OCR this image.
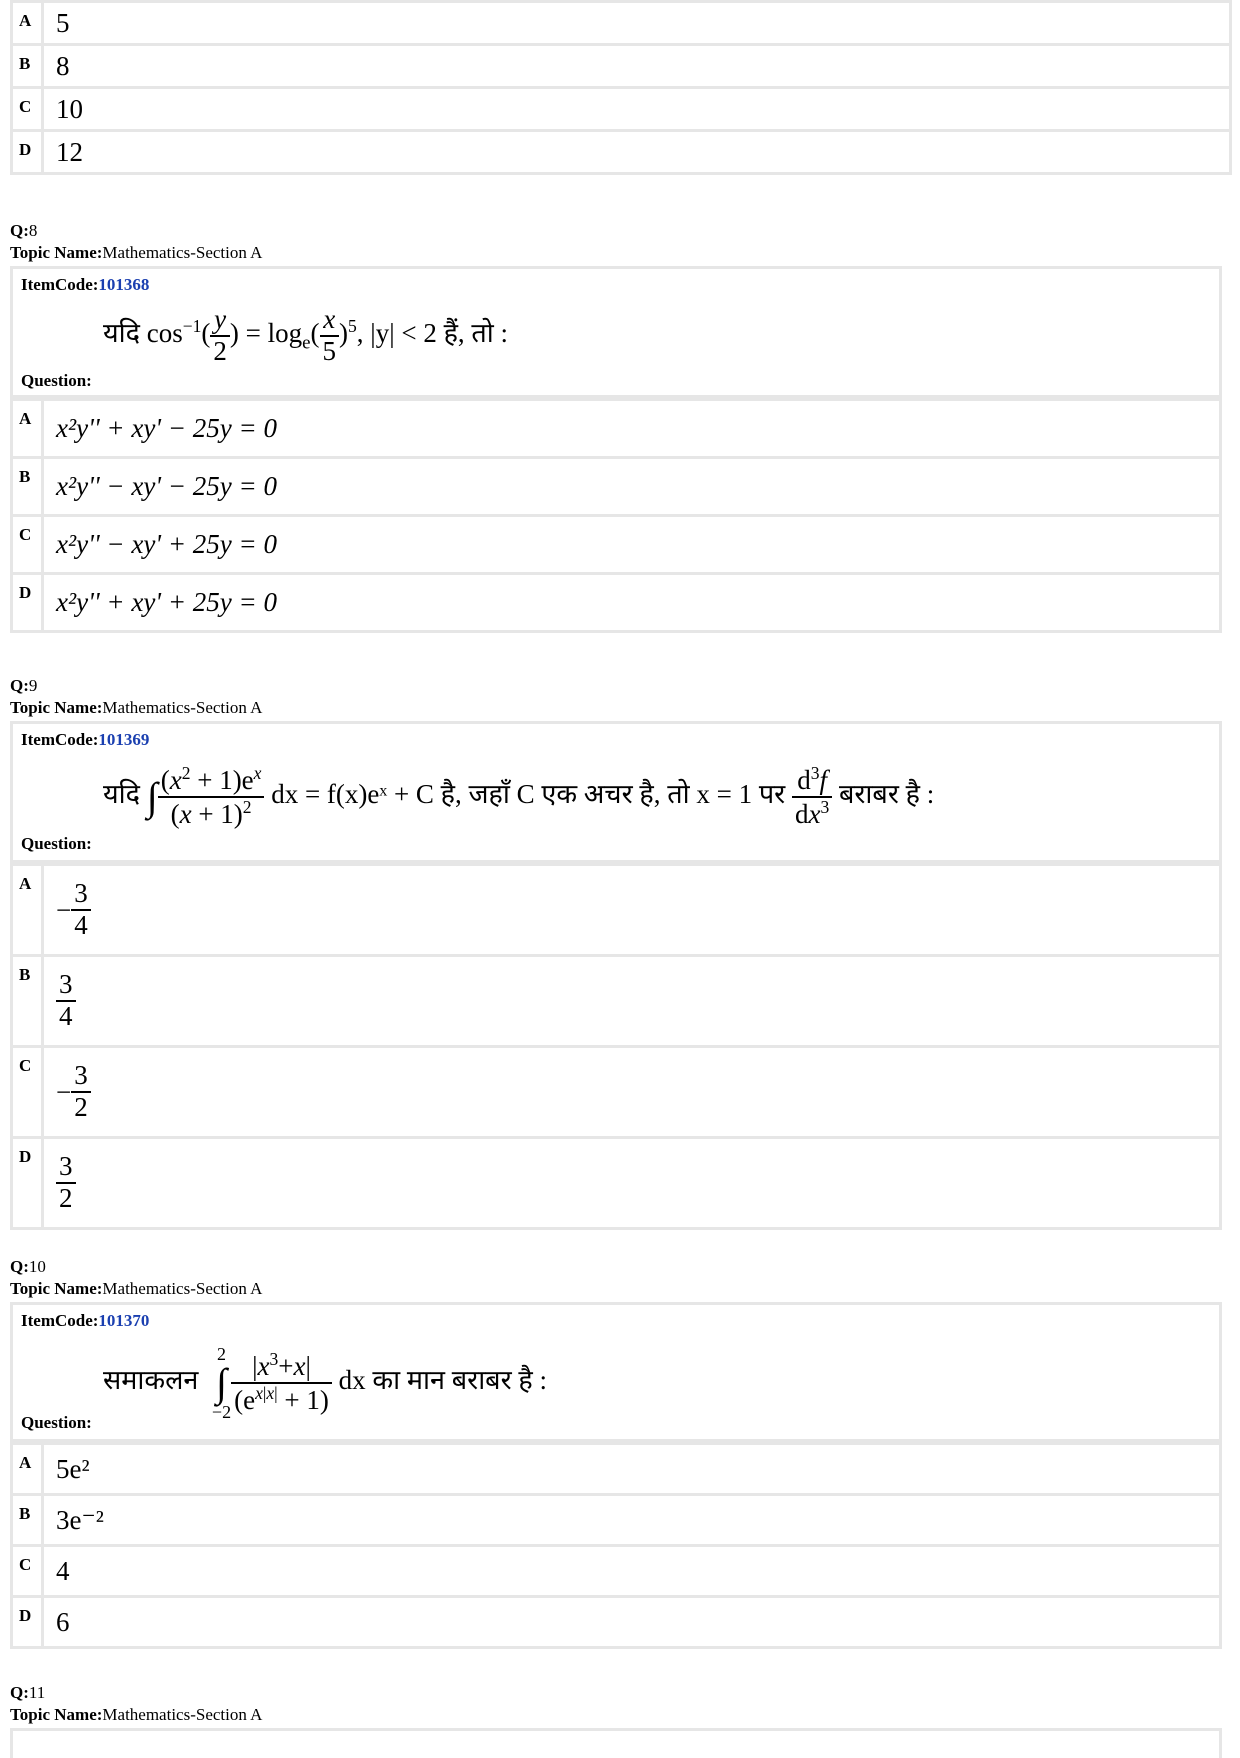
A 5
B 8
C 10
D 12
Q:8
Topic Name:Mathematics-Section A
ItemCode:101368
यदि $\cos^{-1}( \frac{y}{2}$ ) = $\log_e( \frac{x}{5} )^5$, |y| < 2 हैं, तो :
Question:
A x²y'' + xy' − 25y = 0
B x²y'' − xy' − 25y = 0
C x²y'' − xy' + 25y = 0
D x²y'' + xy' + 25y = 0
Q:9
Topic Name:Mathematics-Section A
ItemCode:101369
यदि ∫ $\frac{(x^2 + 1)e^x}{(x + 1)^2}$ dx = f(x)eˣ + C है, जहाँ C एक अचर है, तो x = 1 पर $\frac{d^3f}{dx^3}$ बराबर है :
Question:
A
− $\frac{3}{4}$
B $\frac{3}{4}$
C
− $\frac{3}{2}$
D $\frac{3}{2}$
Q:10
Topic Name:Mathematics-Section A
ItemCode:101370
समाकलन  2
∫
$-2 \frac{|x^3+x|}{(e^{x|x|} + 1)}$ dx का मान बराबर है :
Question:
A 5e²
B 3e⁻²
C 4
D 6
Q:11
Topic Name:Mathematics-Section A
